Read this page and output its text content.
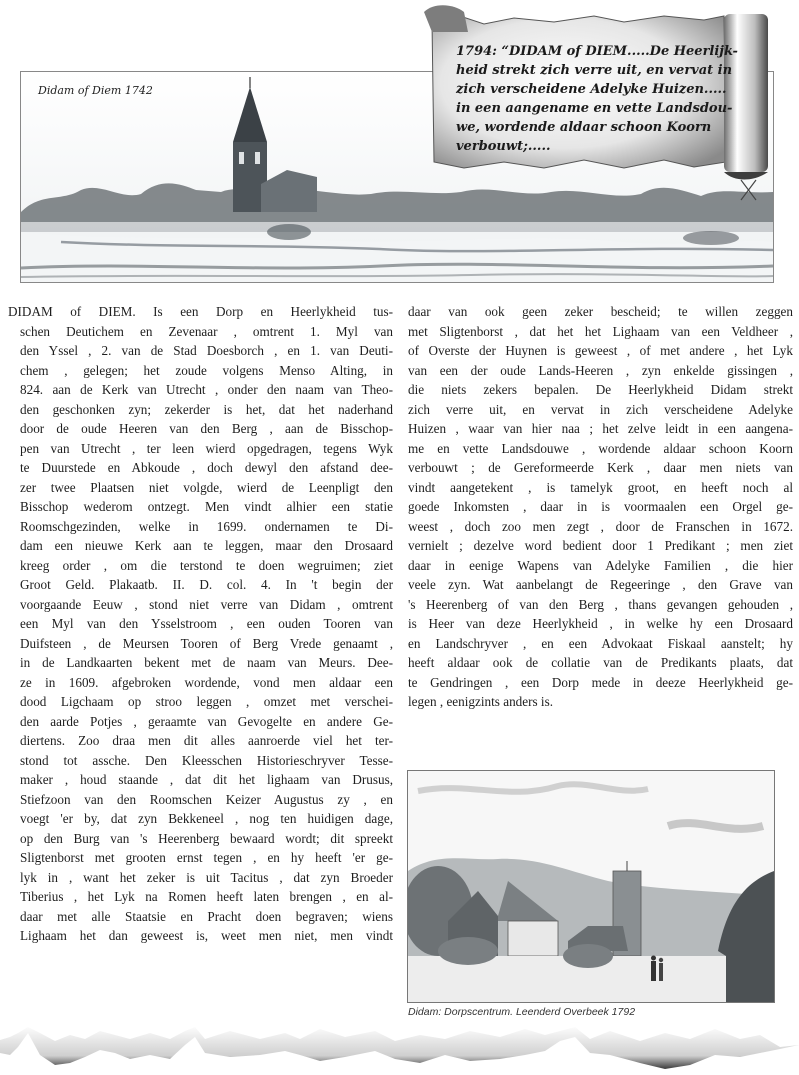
Didam of Diem 1742
1794: “DIDAM of DIEM.....De Heerlijk-
heid strekt zich verre uit, en vervat in
zich verscheidene Adelyke Huizen.....
in een aangename en vette Landsdou-
we, wordende aldaar schoon Koorn
verbouwt;.....
DIDAM of DIEM. Is een Dorp en Heerlykheid tus-
schen Deutichem en Zevenaar , omtrent 1. Myl van
den Yssel , 2. van de Stad Doesborch , en 1. van Deuti-
chem , gelegen; het zoude volgens Menso Alting, in
824. aan de Kerk van Utrecht , onder den naam van Theo-
den geschonken zyn; zekerder is het, dat het naderhand
door de oude Heeren van den Berg , aan de Bisschop-
pen van Utrecht , ter leen wierd opgedragen, tegens Wyk
te Duurstede en Abkoude , doch dewyl den afstand dee-
zer twee Plaatsen niet volgde, wierd de Leenpligt den
Bisschop wederom ontzegt. Men vindt alhier een statie
Roomschgezinden, welke in 1699. ondernamen te Di-
dam een nieuwe Kerk aan te leggen, maar den Drosaard
kreeg order , om die terstond te doen wegruimen; ziet
Groot Geld. Plakaatb. II. D. col. 4. In 't begin der
voorgaande Eeuw , stond niet verre van Didam , omtrent
een Myl van den Ysselstroom , een ouden Tooren van
Duifsteen , de Meursen Tooren of Berg Vrede genaamt ,
in de Landkaarten bekent met de naam van Meurs. Dee-
ze in 1609. afgebroken wordende, vond men aldaar een
dood Ligchaam op stroo leggen , omzet met verschei-
den aarde Potjes , geraamte van Gevogelte en andere Ge-
diertens. Zoo draa men dit alles aanroerde viel het ter-
stond tot assche. Den Kleesschen Historieschryver Tesse-
maker , houd staande , dat dit het lighaam van Drusus,
Stiefzoon van den Roomschen Keizer Augustus zy , en
voegt 'er by, dat zyn Bekkeneel , nog ten huidigen dage,
op den Burg van 's Heerenberg bewaard wordt; dit spreekt
Sligtenborst met grooten ernst tegen , en hy heeft 'er ge-
lyk in , want het zeker is uit Tacitus , dat zyn Broeder
Tiberius , het Lyk na Romen heeft laten brengen , en al-
daar met alle Staatsie en Pracht doen begraven; wiens
Lighaam het dan geweest is, weet men niet, men vindt
daar van ook geen zeker bescheid; te willen zeggen
met Sligtenborst , dat het het Lighaam van een Veldheer ,
of Overste der Huynen is geweest , of met andere , het Lyk
van een der oude Lands-Heeren , zyn enkelde gissingen ,
die niets zekers bepalen. De Heerlykheid Didam strekt
zich verre uit, en vervat in zich verscheidene Adelyke
Huizen , waar van hier naa ; het zelve leidt in een aangena-
me en vette Landsdouwe , wordende aldaar schoon Koorn
verbouwt ; de Gereformeerde Kerk , daar men niets van
vindt aangetekent , is tamelyk groot, en heeft noch al
goede Inkomsten , daar in is voormaalen een Orgel ge-
weest , doch zoo men zegt , door de Franschen in 1672.
vernielt ; dezelve word bedient door 1 Predikant ; men ziet
daar in eenige Wapens van Adelyke Familien , die hier
veele zyn. Wat aanbelangt de Regeeringe , den Grave van
's Heerenberg of van den Berg , thans gevangen gehouden ,
is Heer van deze Heerlykheid , in welke hy een Drosaard
en Landschryver , en een Advokaat Fiskaal aanstelt; hy
heeft aldaar ook de collatie van de Predikants plaats, dat
te Gendringen , een Dorp mede in deeze Heerlykheid ge-
legen , eenigzints anders is.
Didam: Dorpscentrum. Leenderd Overbeek 1792
